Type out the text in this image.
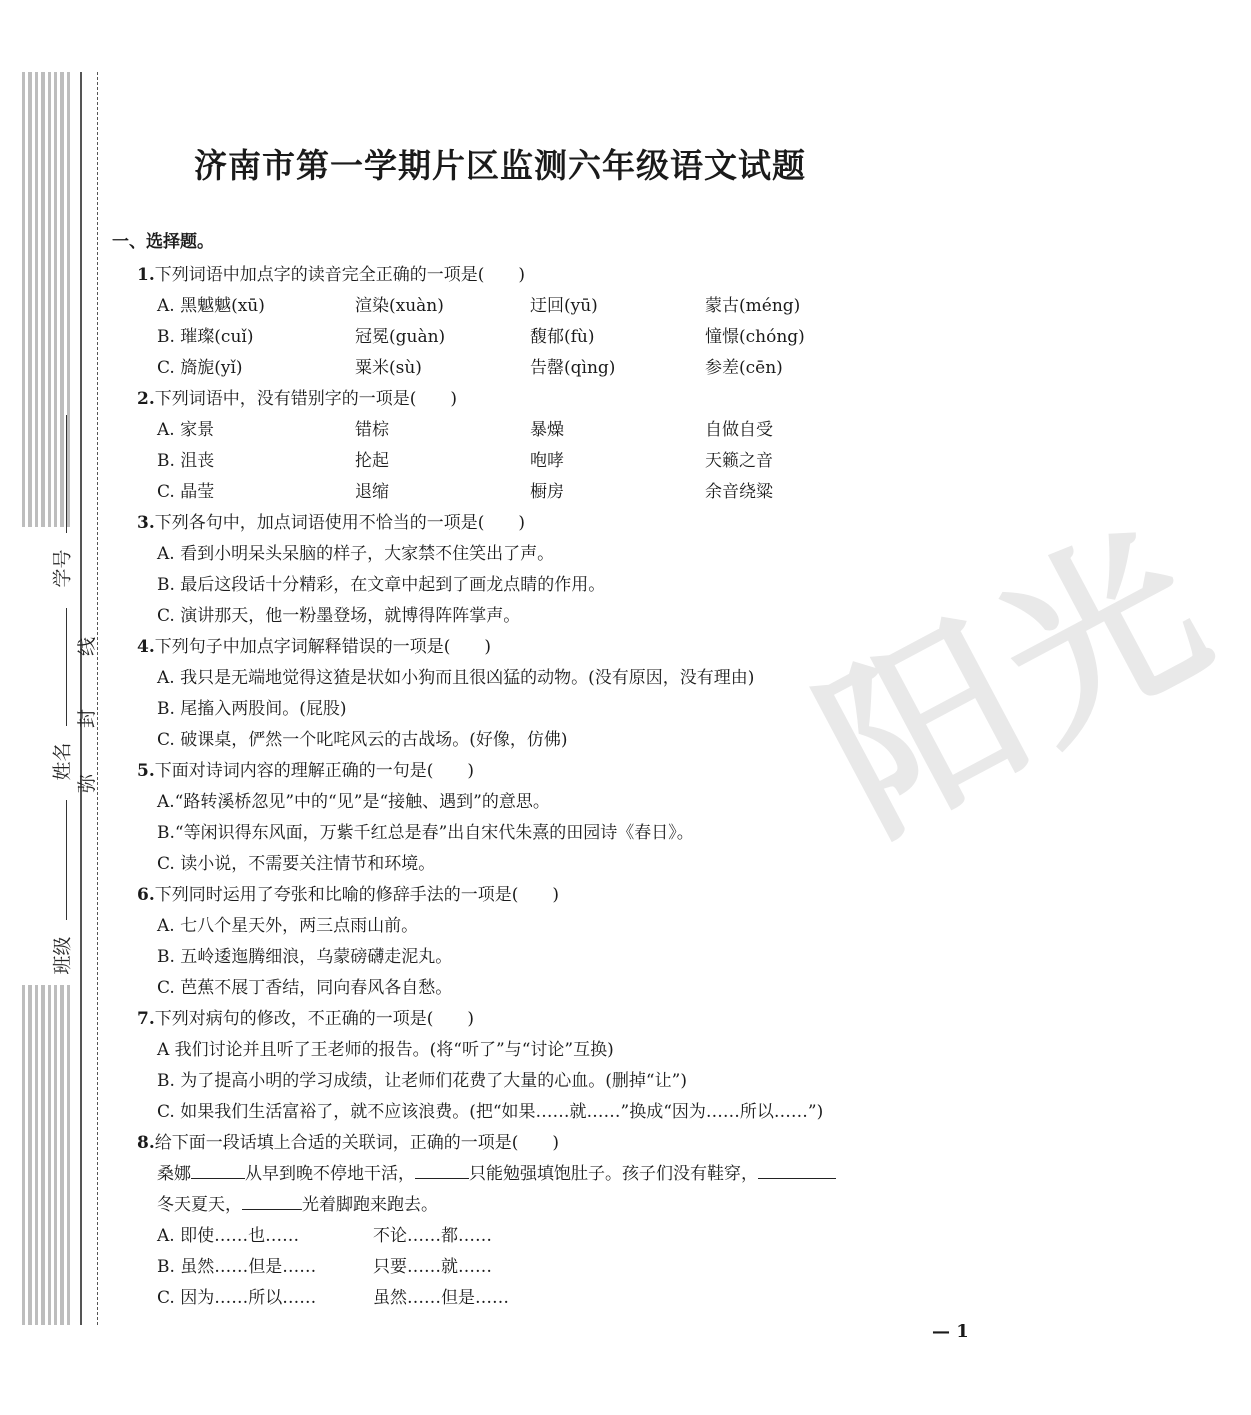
学号
姓名
班级
线
封
弥	阳光
济南市第一学期片区监测六年级语文试题
一、选择题。
1.下列词语中加点字的读音完全正确的一项是(　　)
A. 黑魆魆(xū)	渲染(xuàn)	迂回(yū)	蒙古(méng)
B. 璀璨(cuǐ)	冠冕(guàn)	馥郁(fù)	憧憬(chóng)
C. 旖旎(yǐ)	粟米(sù)	告罄(qìng)	参差(cēn)
2.下列词语中，没有错别字的一项是(　　)
A. 家景	错棕	暴燥	自做自受
B. 沮丧	抡起	咆哮	天籁之音
C. 晶莹	退缩	橱房	余音绕粱
3.下列各句中，加点词语使用不恰当的一项是(　　)
A. 看到小明呆头呆脑的样子，大家禁不住笑出了声。
B. 最后这段话十分精彩，在文章中起到了画龙点睛的作用。
C. 演讲那天，他一粉墨登场，就博得阵阵掌声。
4.下列句子中加点字词解释错误的一项是(　　)
A. 我只是无端地觉得这猹是状如小狗而且很凶猛的动物。(没有原因，没有理由)
B. 尾搐入两股间。(屁股)
C. 破课桌，俨然一个叱咤风云的古战场。(好像，仿佛)
5.下面对诗词内容的理解正确的一句是(　　)
A.“路转溪桥忽见”中的“见”是“接触、遇到”的意思。
B.“等闲识得东风面，万紫千红总是春”出自宋代朱熹的田园诗《春日》。
C. 读小说，不需要关注情节和环境。
6.下列同时运用了夸张和比喻的修辞手法的一项是(　　)
A. 七八个星天外，两三点雨山前。
B. 五岭逶迤腾细浪，乌蒙磅礴走泥丸。
C. 芭蕉不展丁香结，同向春风各自愁。
7.下列对病句的修改，不正确的一项是(　　)
A 我们讨论并且听了王老师的报告。(将“听了”与“讨论”互换)
B. 为了提高小明的学习成绩，让老师们花费了大量的心血。(删掉“让”)
C. 如果我们生活富裕了，就不应该浪费。(把“如果……就……”换成“因为……所以……”)
8.给下面一段话填上合适的关联词，正确的一项是(　　)
桑娜	从早到晚不停地干活，	只能勉强填饱肚子。孩子们没有鞋穿，
冬天夏天，	光着脚跑来跑去。
A. 即使……也……	不论……都……
B. 虽然……但是……	只要……就……
C. 因为……所以……	虽然……但是……
— 1
